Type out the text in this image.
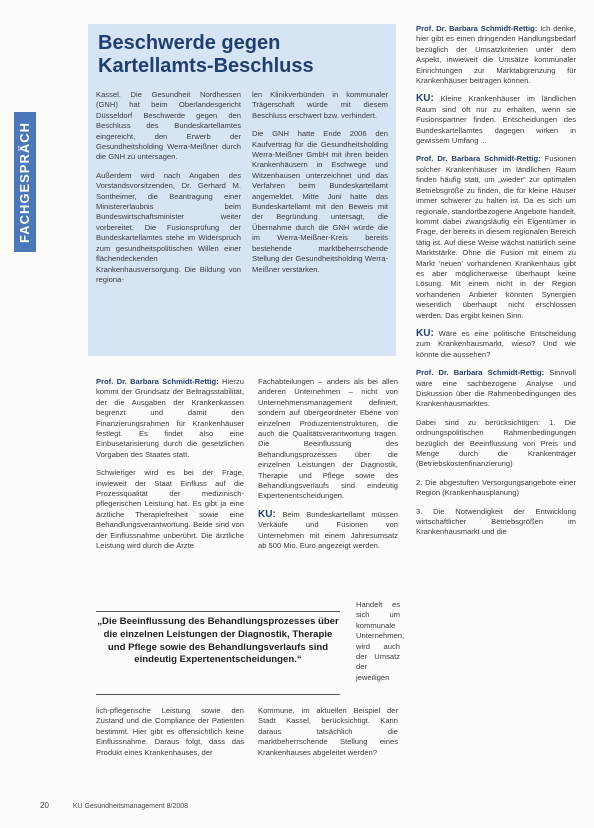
FACHGESPRÄCH
Beschwerde gegen Kartellamts-Beschluss

Kassel. Die Gesundheit Nordhessen (GNH) hat beim Oberlandesgericht Düsseldorf Beschwerde gegen den Beschluss des Bundeskartellamtes eingereicht, den Erwerb der Gesundheitsholding Werra-Meißner durch die GNH zu untersagen.

Außerdem wird nach Angaben des Vorstandsvorsitzenden, Dr. Gerhard M. Sontheimer, die Beantragung einer Ministererlaubnis beim Bundeswirtschaftsminister weiter vorbereitet. Die Fusionsprüfung der Bundeskartellamtes stehe im Widerspruch zum gesundheitspolitischen Willen einer flächendeckenden Krankenhausversorgung. Die Bildung von regiona-

len Klinikverbünden in kommunaler Trägerschaft würde mit diesem Beschluss erschwert bzw. verhindert.

Die GNH hatte Ende 2006 den Kaufvertrag für die Gesundheitsholding Werra-Meißner GmbH mit ihren beiden Krankenhäusern in Eschwege und Witzenhausen unterzeichnet und das Verfahren beim Bundeskartellamt angemeldet. Mitte Juni hatte das Bundeskartellamt mit den Beweis mit der Begründung untersagt, die Übernahme durch die GNH würde die im Werra-Meißner-Kreis bereits bestehende marktbeherrschende Stellung der Gesundheitsholding Werra-Meißner verstärken.

Prof. Dr. Barbara Schmidt-Rettig: Hierzu kommt der Grundsatz der Beitragsstabilität, der die Ausgaben der Krankenkassen begrenzt und damit den Finanzierungsrahmen für Krankenhäuser festlegt. Es findet also eine Einbusetarisierung durch die gesetzlichen Vorgaben des Staates statt.

Schwieriger wird es bei der Frage, inwieweit der Staat Einfluss auf die Prozessqualität der medizinisch-pflegerischen Leistung hat. Es gibt ja eine ärztliche Therapiefreiheit sowie eine Behandlungsverantwortung. Beide sind von der Einflussnahme unberührt. Die ärztliche Leistung wird durch die Ärzte

Fachabteilungen – anders als bei allen anderen Unternehmen – nicht von Unternehmensmanagement definiert, sondern auf übergeordneter Ebene von einzelnen Produzentenstrukturen, die auch die Qualitätsverantwortung tragen. Die Beeinflussung des Behandlungsprozesses über die einzelnen Leistungen der Diagnostik, Therapie und Pflege sowie des Behandlungsverlaufs sind eindeutig Expertenentscheidungen.

KU: Beim Bundeskartellamt müssen Verkäufe und Fusionen von Unternehmen mit einem Jahresumsatz ab 500 Mio. Euro angezeigt werden.

Handelt es sich um kommunale Unternehmen, wird auch der Umsatz der jeweiligen
„Die Beeinflussung des Behandlungsprozesses über die einzelnen Leistungen der Diagnostik, Therapie und Pflege sowie des Behandlungsverlaufs sind eindeutig Expertenentscheidungen.“
lich-pflegerische Leistung sowie den Zustand und die Compliance der Patienten bestimmt. Hier gibt es offensichtlich keine Einflussnahme. Daraus folgt, dass das Produkt eines Krankenhauses, der
Kommune, im aktuellen Beispiel der Stadt Kassel, berücksichtigt. Kann daraus tatsächlich die marktbeherrschende Stellung eines Krankenhauses abgeleitet werden?

Prof. Dr. Barbara Schmidt-Rettig: Ich denke, hier gibt es einen dringenden Handlungsbedarf bezüglich der Umsatzkriterien unter dem Aspekt, inwieweit die Umsätze kommunaler Einrichtungen zur Marktabgrenzung für Krankenhäuser beitragen können.

KU: Kleine Krankenhäuser im ländlichen Raum sind oft nur zu erhalten, wenn sie Fusionspartner finden. Entscheidungen des Bundeskartellamtes dagegen wirken in gewissem Umfang ...

Prof. Dr. Barbara Schmidt-Rettig: Fusionen solcher Krankenhäuser im ländlichen Raum finden häufig statt, um „wieder“ zur optimalen Betriebsgröße zu finden, die für kleine Häuser immer schwerer zu halten ist. Da es sich um regionale, standortbezogene Angebote handelt, kommt dabei zwangsläufig ein Eigentümer in Frage, der bereits in diesem regionalen Bereich tätig ist. Auf diese Weise wächst natürlich seine Marktstärke. Ohne die Fusion mit einem zu Markt 'neuen' vorhandenen Krankenhaus gibt es aber möglicherweise überhaupt keine Lösung. Mit einem nicht in der Region vorhandenen Anbieter könnten Synergien wesentlich überhaupt nicht erschlossen werden. Das ergibt keinen Sinn.

KU: Wäre es eine politische Entscheidung zum Krankenhausmarkt, wieso? Und wie könnte die aussehen?

Prof. Dr. Barbara Schmidt-Rettig: Sinnvoll wäre eine sachbezogene Analyse und Diskussion über die Rahmenbedingungen des Krankenhausmarktes.

Dabei sind zu berücksichtigen: 1. Die ordnungspolitischen Rahmenbedingungen bezüglich der Beeinflussung von Preis und Menge durch die Krankenträger (Betriebskostenfinanzierung)

2. Die abgestuften Versorgungsangebote einer Region (Krankenhausplanung)

3. Die Notwendigkeit der Entwicklung wirtschaftlicher Betriebsgrößen im Krankenhausmarkt und die

20	KU Gesundheitsmanagement 8/2008
